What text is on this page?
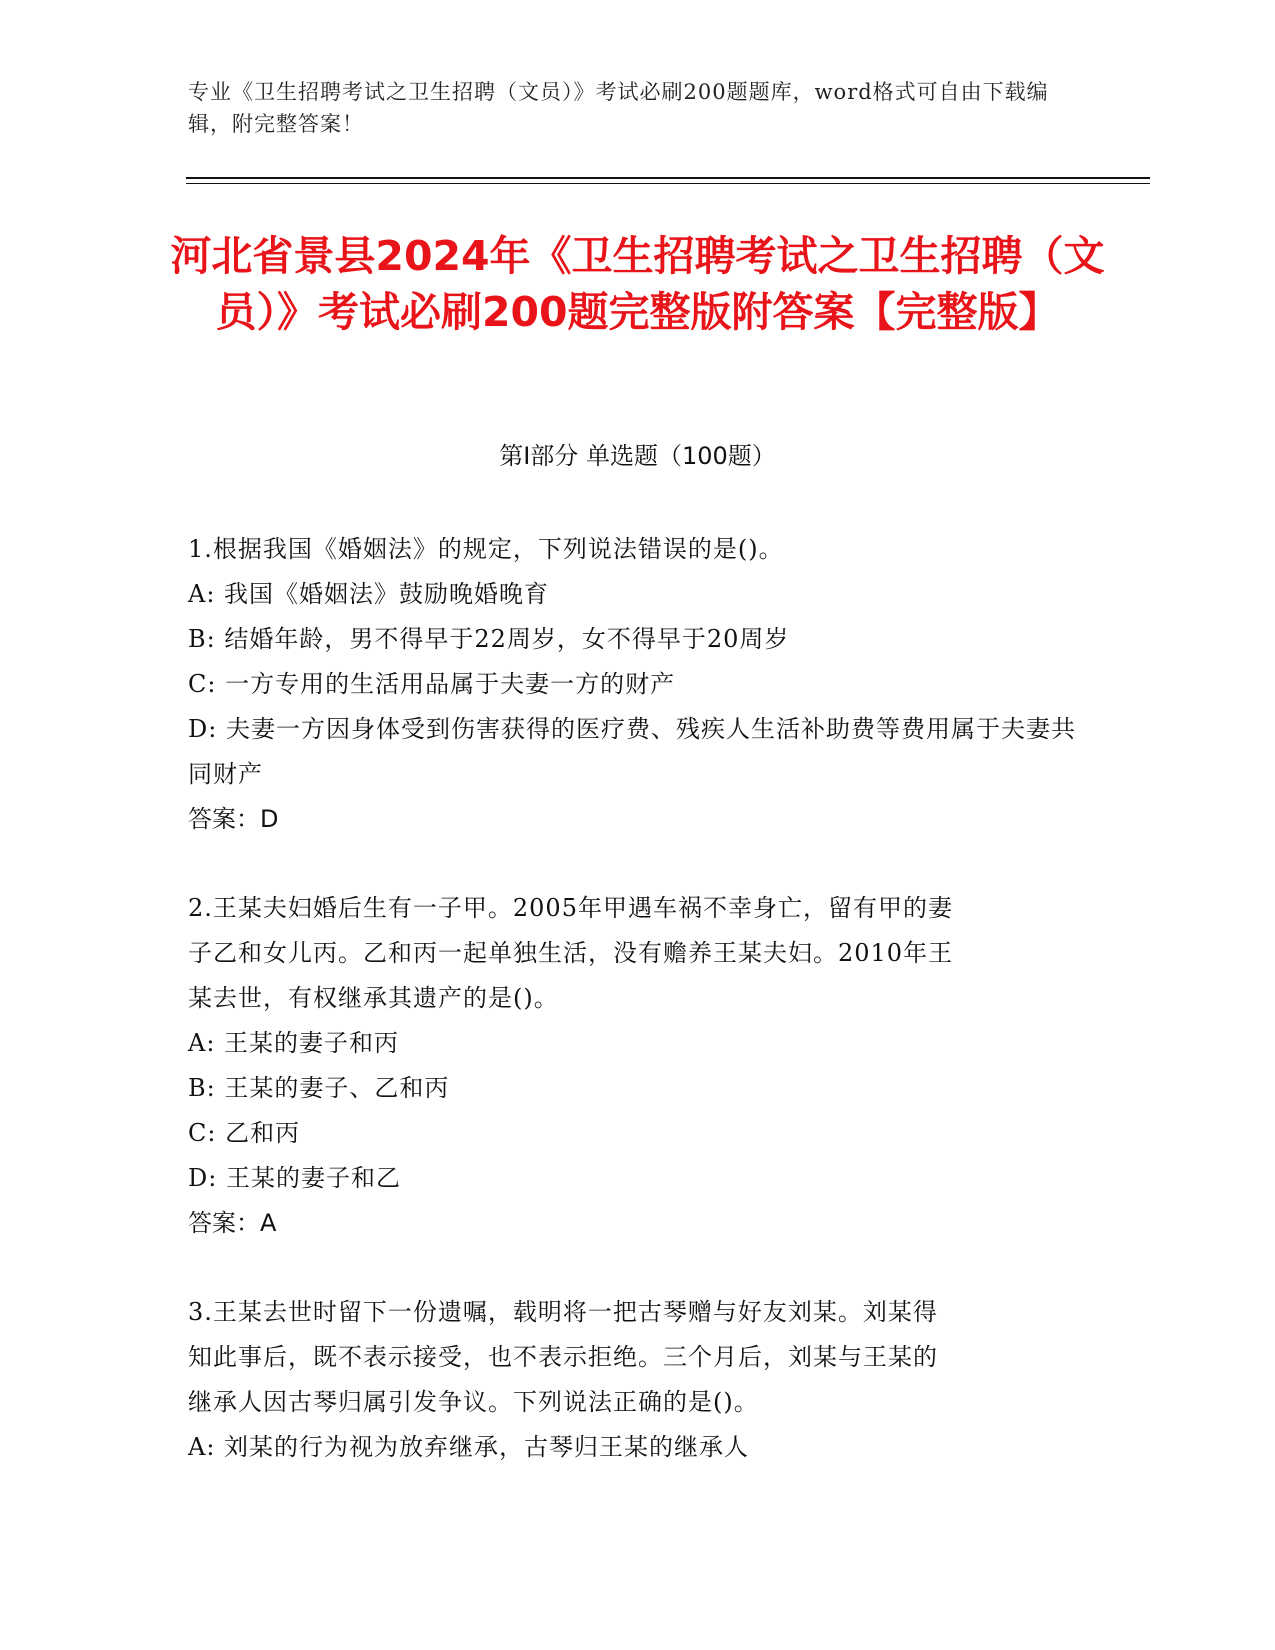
专业《卫生招聘考试之卫生招聘（文员）》考试必刷200题题库，word格式可自由下载编辑，附完整答案！
河北省景县2024年《卫生招聘考试之卫生招聘（文员）》考试必刷200题完整版附答案【完整版】
第Ⅰ部分 单选题（100题）
1.根据我国《婚姻法》的规定，下列说法错误的是()。
A: 我国《婚姻法》鼓励晚婚晚育
B: 结婚年龄，男不得早于22周岁，女不得早于20周岁
C: 一方专用的生活用品属于夫妻一方的财产
D: 夫妻一方因身体受到伤害获得的医疗费、残疾人生活补助费等费用属于夫妻共同财产
答案：D
2.王某夫妇婚后生有一子甲。2005年甲遇车祸不幸身亡，留有甲的妻
子乙和女儿丙。乙和丙一起单独生活，没有赡养王某夫妇。2010年王
某去世，有权继承其遗产的是()。
A: 王某的妻子和丙
B: 王某的妻子、乙和丙
C: 乙和丙
D: 王某的妻子和乙
答案：A
3.王某去世时留下一份遗嘱，载明将一把古琴赠与好友刘某。刘某得
知此事后，既不表示接受，也不表示拒绝。三个月后，刘某与王某的
继承人因古琴归属引发争议。下列说法正确的是()。
A: 刘某的行为视为放弃继承，古琴归王某的继承人
